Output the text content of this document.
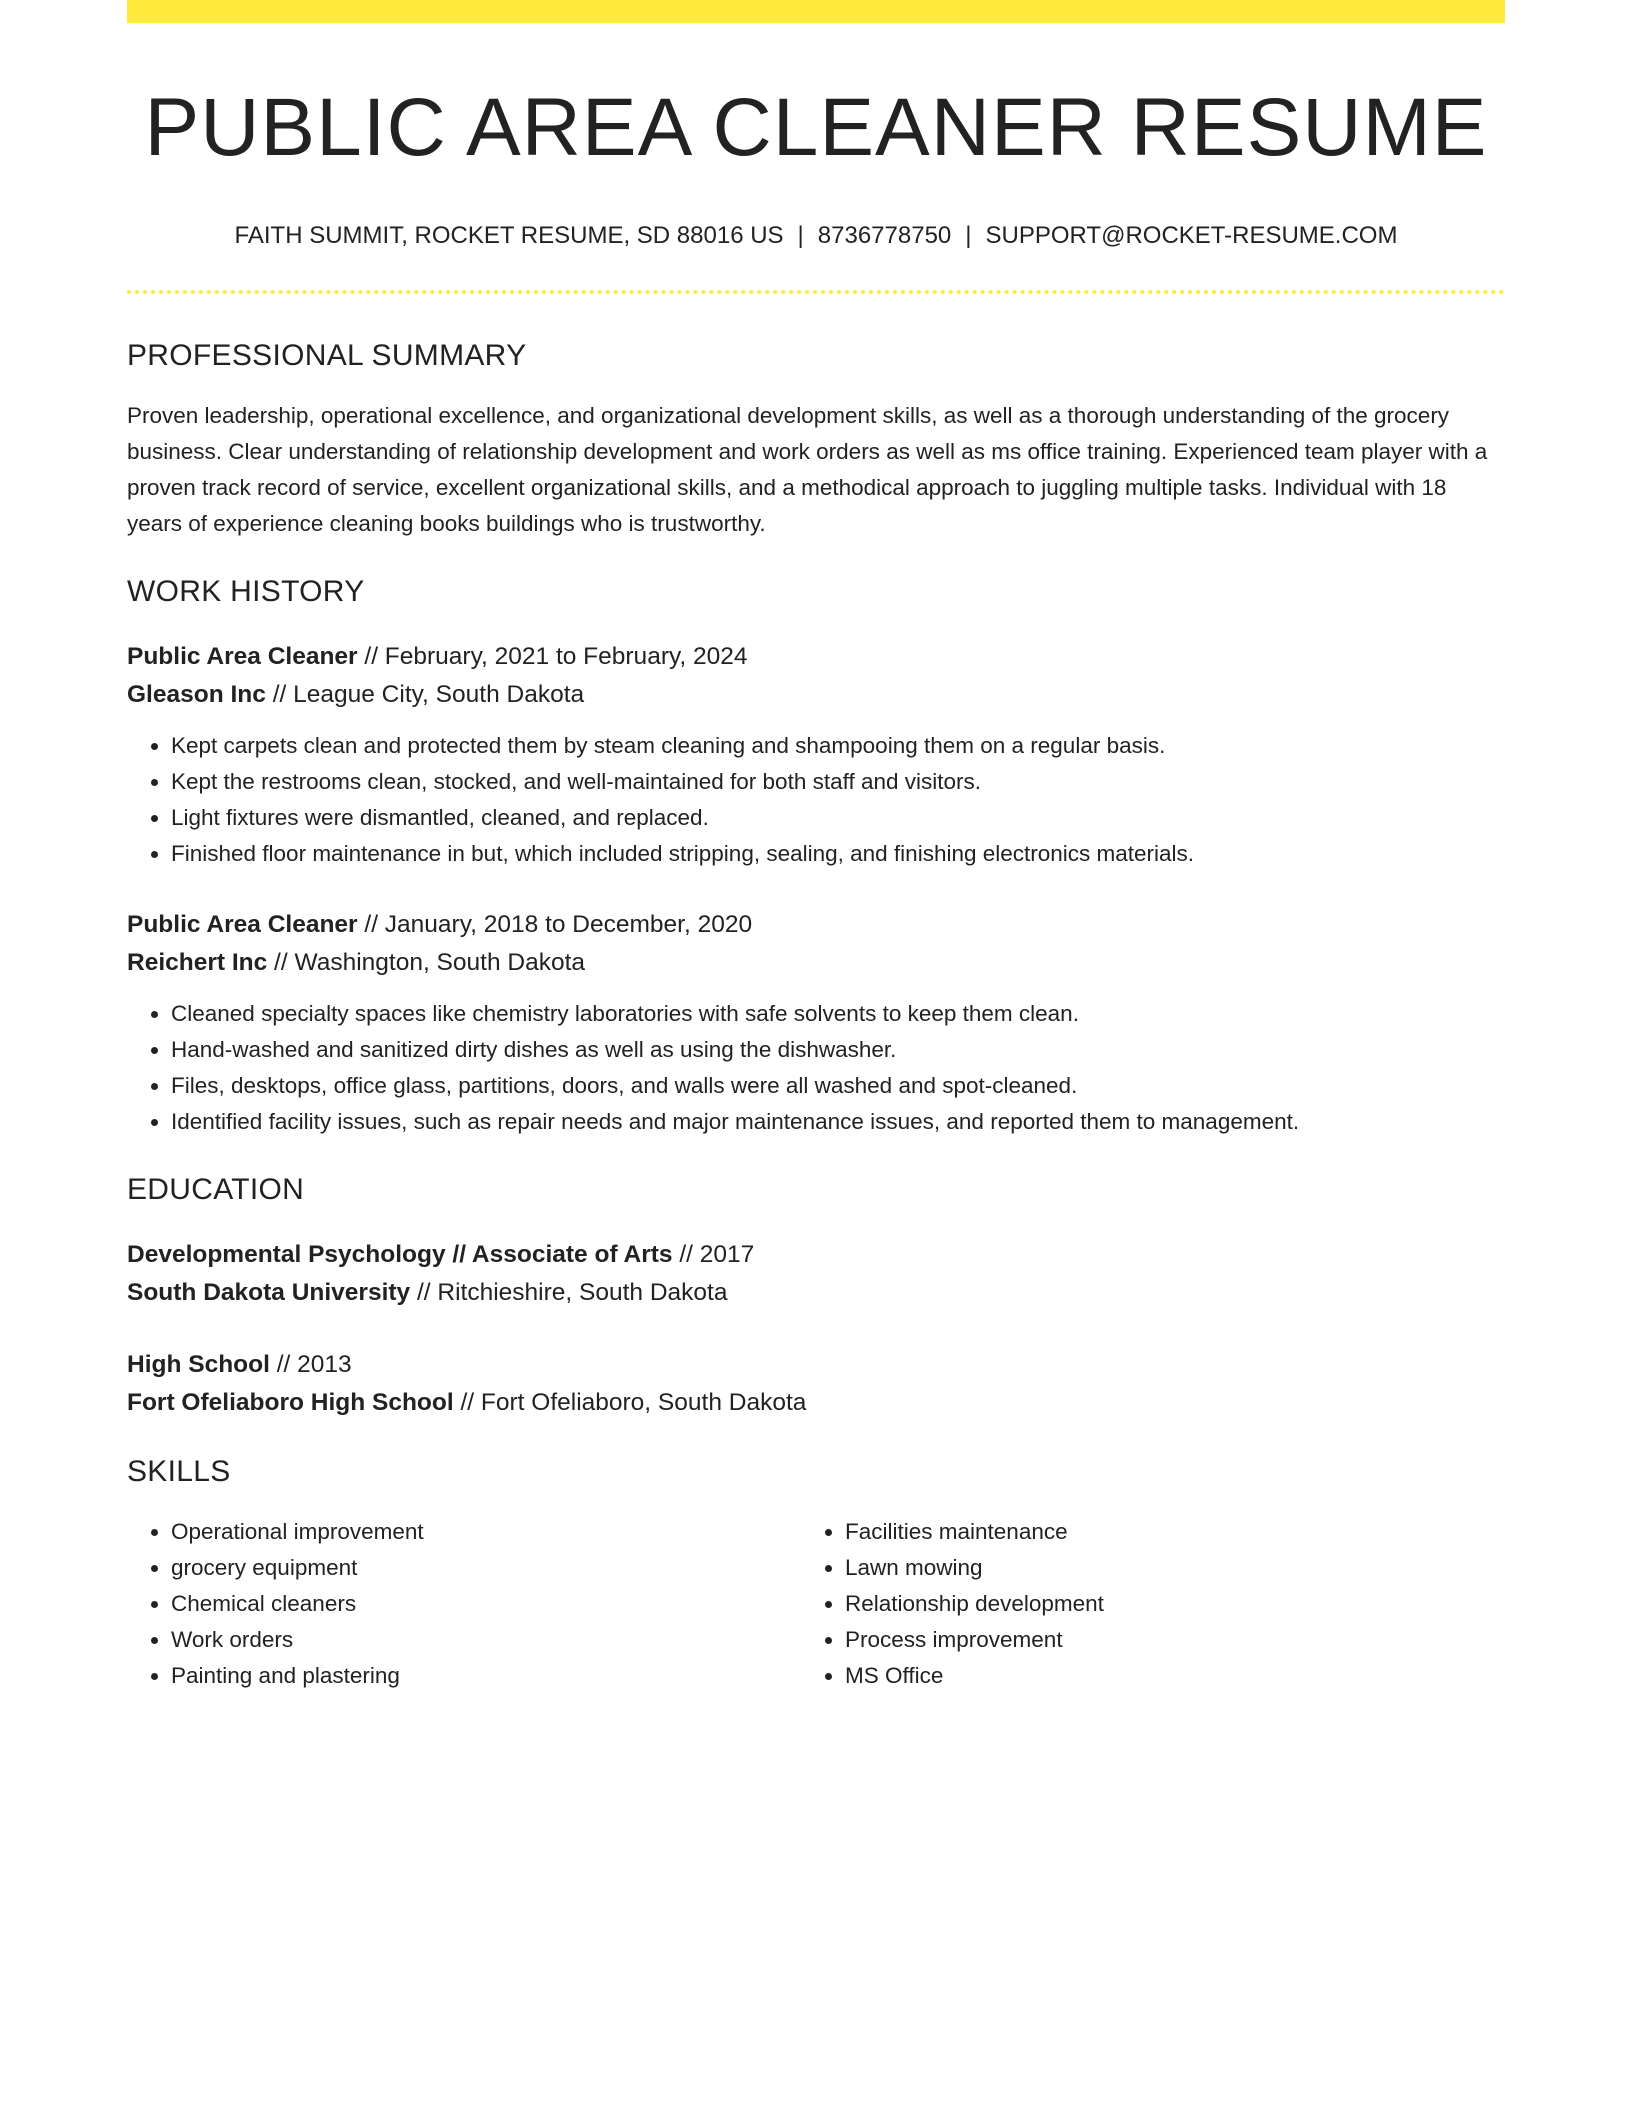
PUBLIC AREA CLEANER RESUME
FAITH SUMMIT, ROCKET RESUME, SD 88016 US | 8736778750 | SUPPORT@ROCKET-RESUME.COM
PROFESSIONAL SUMMARY

Proven leadership, operational excellence, and organizational development skills, as well as a thorough understanding of the grocery business. Clear understanding of relationship development and work orders as well as ms office training. Experienced team player with a proven track record of service, excellent organizational skills, and a methodical approach to juggling multiple tasks. Individual with 18 years of experience cleaning books buildings who is trustworthy.

WORK HISTORY
Public Area Cleaner // February, 2021 to February, 2024
Gleason Inc // League City, South Dakota
• Kept carpets clean and protected them by steam cleaning and shampooing them on a regular basis.
• Kept the restrooms clean, stocked, and well-maintained for both staff and visitors.
• Light fixtures were dismantled, cleaned, and replaced.
• Finished floor maintenance in but, which included stripping, sealing, and finishing electronics materials.
Public Area Cleaner // January, 2018 to December, 2020
Reichert Inc // Washington, South Dakota
• Cleaned specialty spaces like chemistry laboratories with safe solvents to keep them clean.
• Hand-washed and sanitized dirty dishes as well as using the dishwasher.
• Files, desktops, office glass, partitions, doors, and walls were all washed and spot-cleaned.
• Identified facility issues, such as repair needs and major maintenance issues, and reported them to management.
EDUCATION
Developmental Psychology // Associate of Arts // 2017
South Dakota University // Ritchieshire, South Dakota
High School // 2013
Fort Ofeliaboro High School // Fort Ofeliaboro, South Dakota
SKILLS
• Operational improvement
• grocery equipment
• Chemical cleaners
• Work orders
• Painting and plastering
• Facilities maintenance
• Lawn mowing
• Relationship development
• Process improvement
• MS Office
